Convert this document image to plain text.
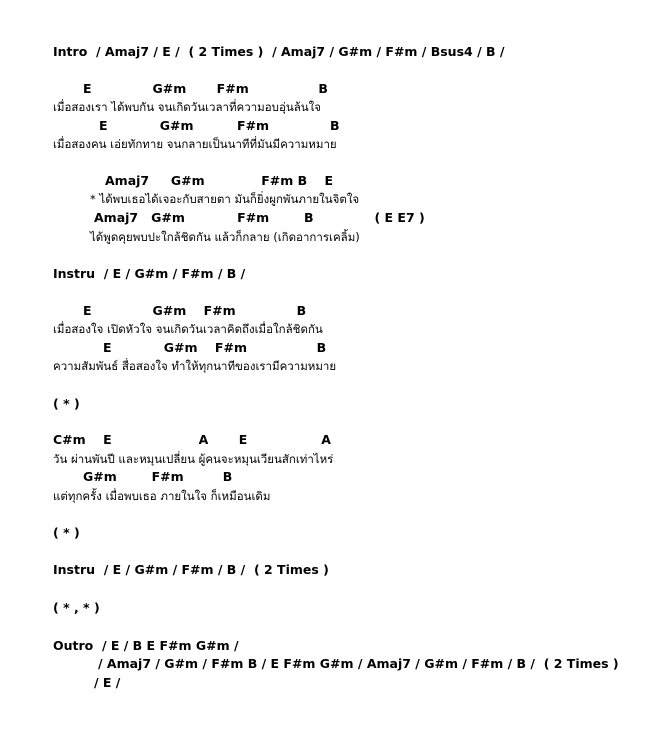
Intro  / Amaj7 / E /  ( 2 Times )  / Amaj7 / G#m / F#m / Bsus4 / B /
E              G#m       F#m                B
เมื่อสองเรา ได้พบกัน จนเกิดวันเวลาที่ความอบอุ่นล้นใจ
E            G#m          F#m              B
เมื่อสองคน เอ่ยทักทาย จนกลายเป็นนาทีที่มันมีความหมาย
Amaj7     G#m             F#m B    E
* ได้พบเธอได้เจอะกับสายตา มันก็ยิ่งผูกพันภายในจิตใจ
Amaj7   G#m            F#m        B              ( E E7 )
ได้พูดคุยพบปะใกล้ชิดกัน แล้วก็กลาย (เกิดอาการเคลิ้ม)
Instru  / E / G#m / F#m / B /
E              G#m    F#m              B
เมื่อสองใจ เปิดหัวใจ จนเกิดวันเวลาคิดถึงเมื่อใกล้ชิดกัน
E            G#m    F#m                B
ความสัมพันธ์ สื่อสองใจ ทำให้ทุกนาทีของเรามีความหมาย
( * )
C#m    E                    A       E                 A
วัน ผ่านพันปี และหมุนเปลี่ยน ผู้คนจะหมุนเวียนสักเท่าไหร่
G#m        F#m         B
แต่ทุกครั้ง เมื่อพบเธอ ภายในใจ ก็เหมือนเดิม
( * )
Instru  / E / G#m / F#m / B /  ( 2 Times )
( * , * )
Outro  / E / B E F#m G#m /
/ Amaj7 / G#m / F#m B / E F#m G#m / Amaj7 / G#m / F#m / B /  ( 2 Times )
/ E /
